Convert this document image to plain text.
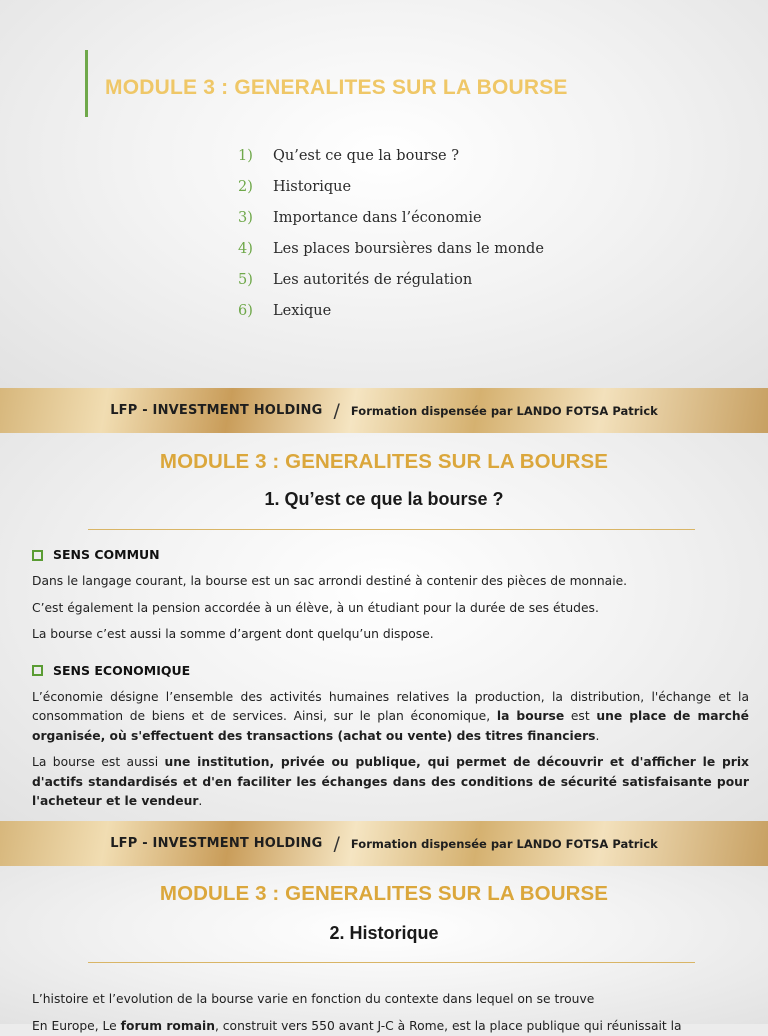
MODULE 3 : GENERALITES SUR LA BOURSE
1)	Qu’est ce que la bourse ?
2)	Historique
3)	Importance dans l’économie
4)	Les places boursières dans le monde
5)	Les autorités de régulation
6)	Lexique
LFP - INVESTMENT HOLDING / Formation dispensée par LANDO FOTSA Patrick
MODULE 3 : GENERALITES SUR LA BOURSE
1. Qu’est ce que la bourse ?
SENS COMMUN

Dans le langage courant, la bourse est un sac arrondi destiné à contenir des pièces de monnaie.

C’est également la pension accordée à un élève, à un étudiant pour la durée de ses études.

La bourse c’est aussi la somme d’argent dont quelqu’un dispose.

SENS ECONOMIQUE

L’économie désigne l’ensemble des activités humaines relatives la production, la distribution, l'échange et la consommation de biens et de services. Ainsi, sur le plan économique, la bourse est une place de marché organisée, où s'effectuent des transactions (achat ou vente) des titres financiers.

La bourse est aussi une institution, privée ou publique, qui permet de découvrir et d'afficher le prix d'actifs standardisés et d'en faciliter les échanges dans des conditions de sécurité satisfaisante pour l'acheteur et le vendeur.

LFP - INVESTMENT HOLDING / Formation dispensée par LANDO FOTSA Patrick
MODULE 3 : GENERALITES SUR LA BOURSE
2. Historique

L’histoire et l’evolution de la bourse varie en fonction du contexte dans lequel on se trouve

En Europe, Le forum romain, construit vers 550 avant J-C à Rome, est la place publique qui réunissait la
